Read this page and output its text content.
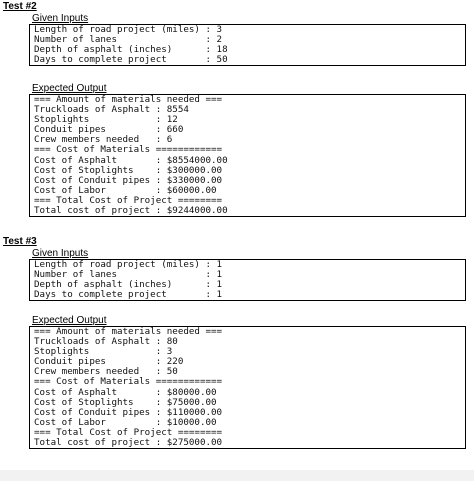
Test #2
Given Inputs
Length of road project (miles) : 3
Number of lanes                : 2
Depth of asphalt (inches)      : 18
Days to complete project       : 50
Expected Output
=== Amount of materials needed ===
Truckloads of Asphalt : 8554
Stoplights            : 12
Conduit pipes         : 660
Crew members needed   : 6
=== Cost of Materials ============
Cost of Asphalt       : $8554000.00
Cost of Stoplights    : $300000.00
Cost of Conduit pipes : $330000.00
Cost of Labor         : $60000.00
=== Total Cost of Project ========
Total cost of project : $9244000.00
Test #3
Given Inputs
Length of road project (miles) : 1
Number of lanes                : 1
Depth of asphalt (inches)      : 1
Days to complete project       : 1
Expected Output
=== Amount of materials needed ===
Truckloads of Asphalt : 80
Stoplights            : 3
Conduit pipes         : 220
Crew members needed   : 50
=== Cost of Materials ============
Cost of Asphalt       : $80000.00
Cost of Stoplights    : $75000.00
Cost of Conduit pipes : $110000.00
Cost of Labor         : $10000.00
=== Total Cost of Project ========
Total cost of project : $275000.00
